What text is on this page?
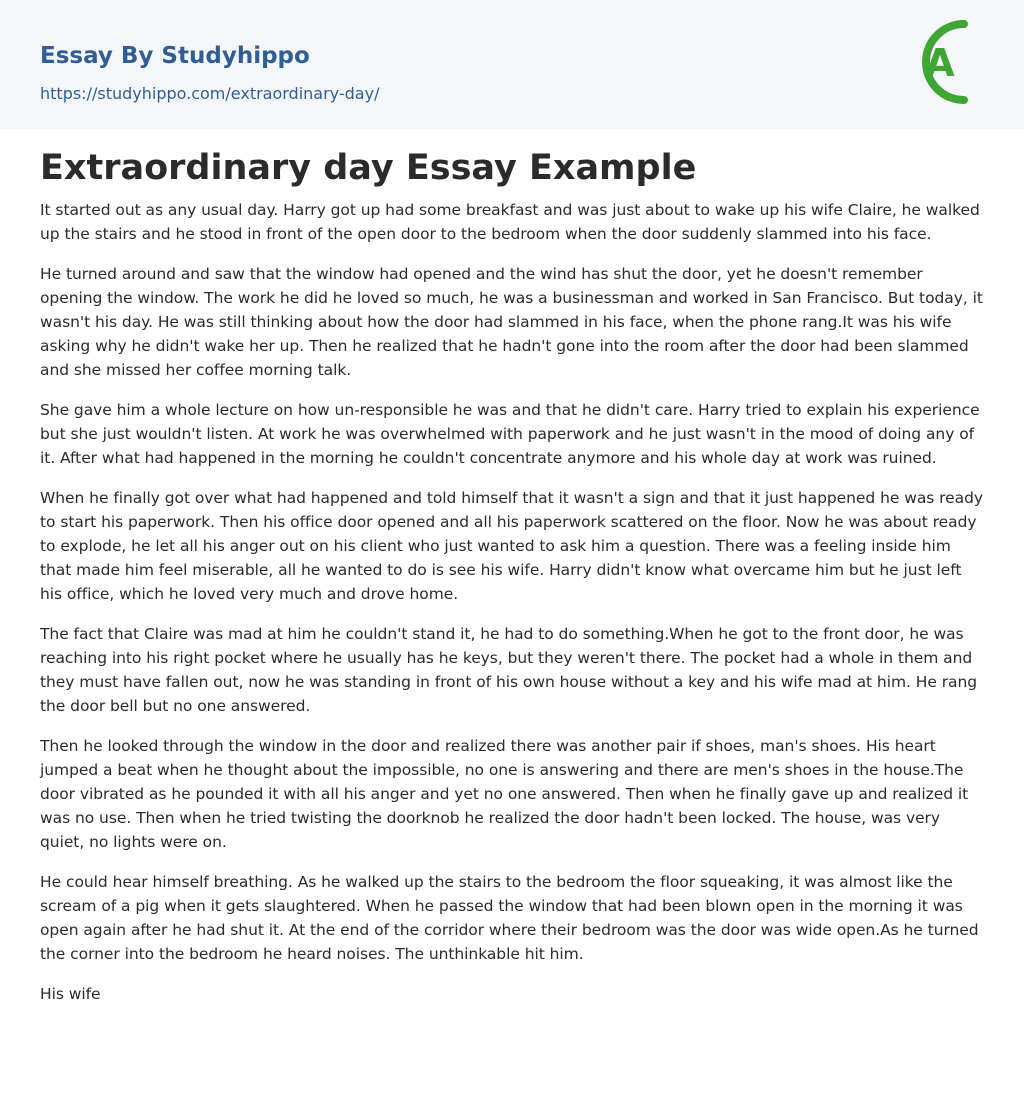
Essay By Studyhippo
https://studyhippo.com/extraordinary-day/
A
Extraordinary day Essay Example

It started out as any usual day. Harry got up had some breakfast and was just about to wake up his wife Claire, he walked up the stairs and he stood in front of the open door to the bedroom when the door suddenly slammed into his face.

He turned around and saw that the window had opened and the wind has shut the door, yet he doesn't remember opening the window. The work he did he loved so much, he was a businessman and worked in San Francisco. But today, it wasn't his day. He was still thinking about how the door had slammed in his face, when the phone rang.It was his wife asking why he didn't wake her up. Then he realized that he hadn't gone into the room after the door had been slammed and she missed her coffee morning talk.

She gave him a whole lecture on how un-responsible he was and that he didn't care. Harry tried to explain his experience but she just wouldn't listen. At work he was overwhelmed with paperwork and he just wasn't in the mood of doing any of it. After what had happened in the morning he couldn't concentrate anymore and his whole day at work was ruined.

When he finally got over what had happened and told himself that it wasn't a sign and that it just happened he was ready to start his paperwork. Then his office door opened and all his paperwork scattered on the floor. Now he was about ready to explode, he let all his anger out on his client who just wanted to ask him a question. There was a feeling inside him that made him feel miserable, all he wanted to do is see his wife. Harry didn't know what overcame him but he just left his office, which he loved very much and drove home.

The fact that Claire was mad at him he couldn't stand it, he had to do something.When he got to the front door, he was reaching into his right pocket where he usually has he keys, but they weren't there. The pocket had a whole in them and they must have fallen out, now he was standing in front of his own house without a key and his wife mad at him. He rang the door bell but no one answered.

Then he looked through the window in the door and realized there was another pair if shoes, man's shoes. His heart jumped a beat when he thought about the impossible, no one is answering and there are men's shoes in the house.The door vibrated as he pounded it with all his anger and yet no one answered. Then when he finally gave up and realized it was no use. Then when he tried twisting the doorknob he realized the door hadn't been locked. The house, was very quiet, no lights were on.

He could hear himself breathing. As he walked up the stairs to the bedroom the floor squeaking, it was almost like the scream of a pig when it gets slaughtered. When he passed the window that had been blown open in the morning it was open again after he had shut it. At the end of the corridor where their bedroom was the door was wide open.As he turned the corner into the bedroom he heard noises. The unthinkable hit him.

His wife
